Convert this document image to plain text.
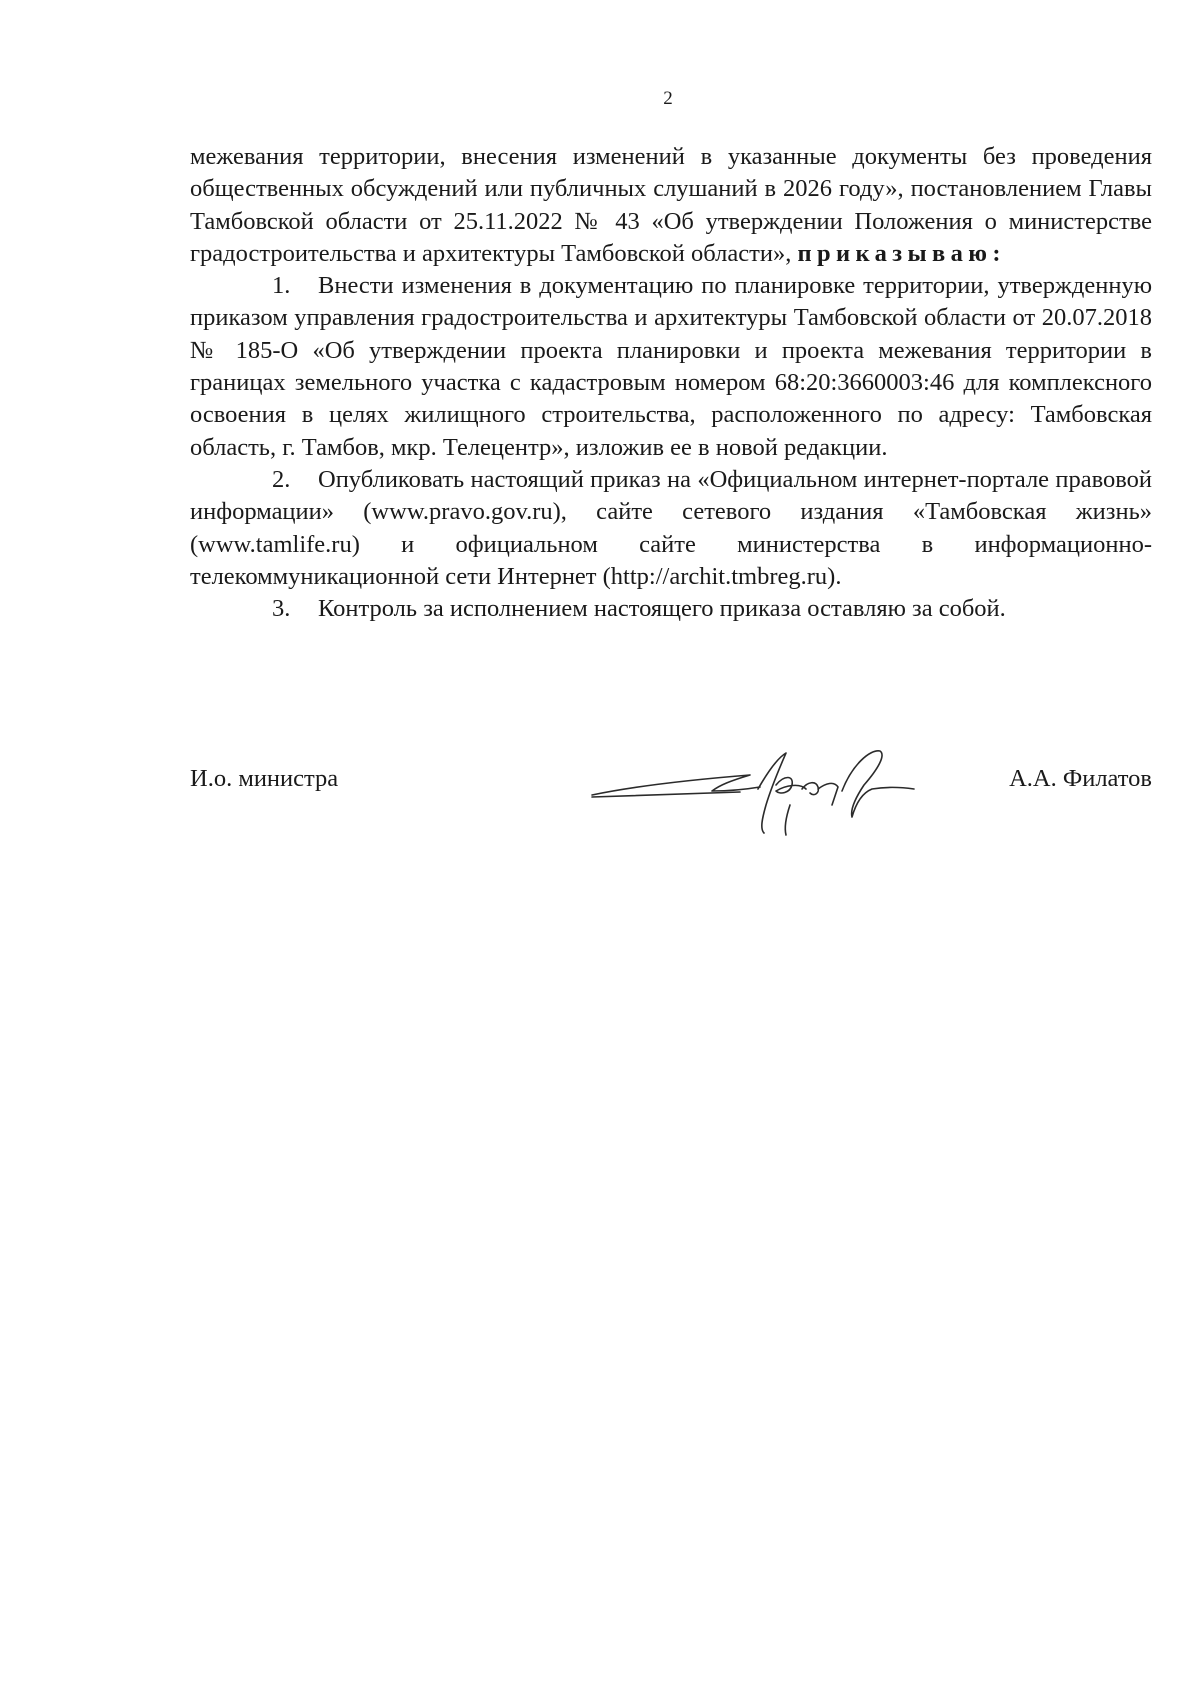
2

межевания территории, внесения изменений в указанные документы без проведения общественных обсуждений или публичных слушаний в 2026 году», постановлением Главы Тамбовской области от 25.11.2022 № 43 «Об утверждении Положения о министерстве градостроительства и архитектуры Тамбовской области», приказываю:

1. Внести изменения в документацию по планировке территории, утвержденную приказом управления градостроительства и архитектуры Тамбовской области от 20.07.2018 № 185-О «Об утверждении проекта планировки и проекта межевания территории в границах земельного участка с кадастровым номером 68:20:3660003:46 для комплексного освоения в целях жилищного строительства, расположенного по адресу: Тамбовская область, г. Тамбов, мкр. Телецентр», изложив ее в новой редакции.

2. Опубликовать настоящий приказ на «Официальном интернет-портале правовой информации» (www.pravo.gov.ru), сайте сетевого издания «Тамбовская жизнь» (www.tamlife.ru) и официальном сайте министерства в информационно-телекоммуникационной сети Интернет (http://archit.tmbreg.ru).

3. Контроль за исполнением настоящего приказа оставляю за собой.

И.о. министра	А.А. Филатов
